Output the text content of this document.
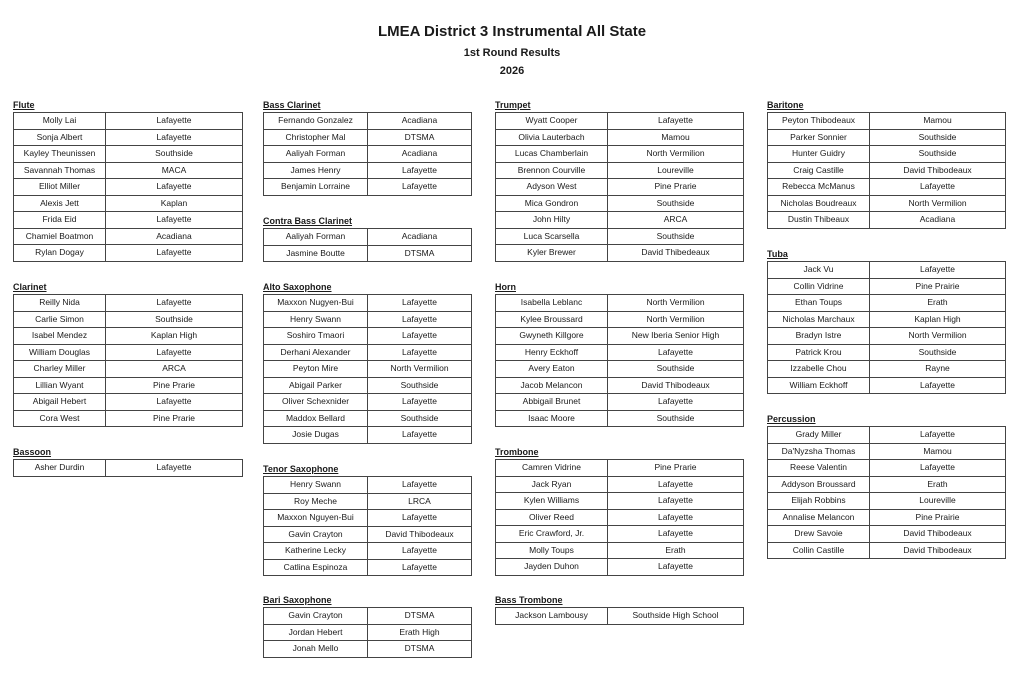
LMEA District 3 Instrumental All State
1st Round Results
2026
Flute
Molly Lai	Lafayette
Sonja Albert	Lafayette
Kayley Theunissen	Southside
Savannah Thomas	MACA
Elliot Miller	Lafayette
Alexis Jett	Kaplan
Frida Eid	Lafayette
Chamiel Boatmon	Acadiana
Rylan Dogay	Lafayette
Clarinet
Reilly Nida	Lafayette
Carlie Simon	Southside
Isabel Mendez	Kaplan High
William Douglas	Lafayette
Charley Miller	ARCA
Lillian Wyant	Pine Prarie
Abigail Hebert	Lafayette
Cora West	Pine Prarie
Bassoon
Asher Durdin	Lafayette
Bass Clarinet
Fernando Gonzalez	Acadiana
Christopher Mal	DTSMA
Aaliyah Forman	Acadiana
James Henry	Lafayette
Benjamin Lorraine	Lafayette
Contra Bass Clarinet
Aaliyah Forman	Acadiana
Jasmine Boutte	DTSMA
Alto Saxophone
Maxxon Nugyen-Bui	Lafayette
Henry Swann	Lafayette
Soshiro Tmaori	Lafayette
Derhani Alexander	Lafayette
Peyton Mire	North Vermilion
Abigail Parker	Southside
Oliver Schexnider	Lafayette
Maddox Bellard	Southside
Josie Dugas	Lafayette
Tenor Saxophone
Henry Swann	Lafayette
Roy Meche	LRCA
Maxxon Nguyen-Bui	Lafayette
Gavin Crayton	David Thibodeaux
Katherine Lecky	Lafayette
Catlina Espinoza	Lafayette
Bari Saxophone
Gavin Crayton	DTSMA
Jordan Hebert	Erath High
Jonah Mello	DTSMA
Trumpet
Wyatt Cooper	Lafayette
Olivia Lauterbach	Mamou
Lucas Chamberlain	North Vermilion
Brennon Courville	Loureville
Adyson West	Pine Prarie
Mica Gondron	Southside
John Hilty	ARCA
Luca Scarsella	Southside
Kyler Brewer	David Thibedeaux
Horn
Isabella Leblanc	North Vermilion
Kylee Broussard	North Vermilion
Gwyneth Killgore	New Iberia Senior High
Henry Eckhoff	Lafayette
Avery Eaton	Southside
Jacob Melancon	David Thibodeaux
Abbigail Brunet	Lafayette
Isaac Moore	Southside
Trombone
Camren Vidrine	Pine Prarie
Jack Ryan	Lafayette
Kylen Williams	Lafayette
Oliver Reed	Lafayette
Eric Crawford, Jr.	Lafayette
Molly Toups	Erath
Jayden Duhon	Lafayette
Bass Trombone
Jackson Lambousy	Southside High School
Baritone
Peyton Thibodeaux	Mamou
Parker Sonnier	Southside
Hunter Guidry	Southside
Craig Castille	David Thibodeaux
Rebecca McManus	Lafayette
Nicholas Boudreaux	North Vermilion
Dustin Thibeaux	Acadiana
Tuba
Jack Vu	Lafayette
Collin Vidrine	Pine Prairie
Ethan Toups	Erath
Nicholas Marchaux	Kaplan High
Bradyn Istre	North Vermilion
Patrick Krou	Southside
Izzabelle Chou	Rayne
William Eckhoff	Lafayette
Percussion
Grady Miller	Lafayette
Da'Nyzsha Thomas	Mamou
Reese Valentin	Lafayette
Addyson Broussard	Erath
Elijah Robbins	Loureville
Annalise Melancon	Pine Prairie
Drew Savoie	David Thibodeaux
Collin Castille	David Thibodeaux
